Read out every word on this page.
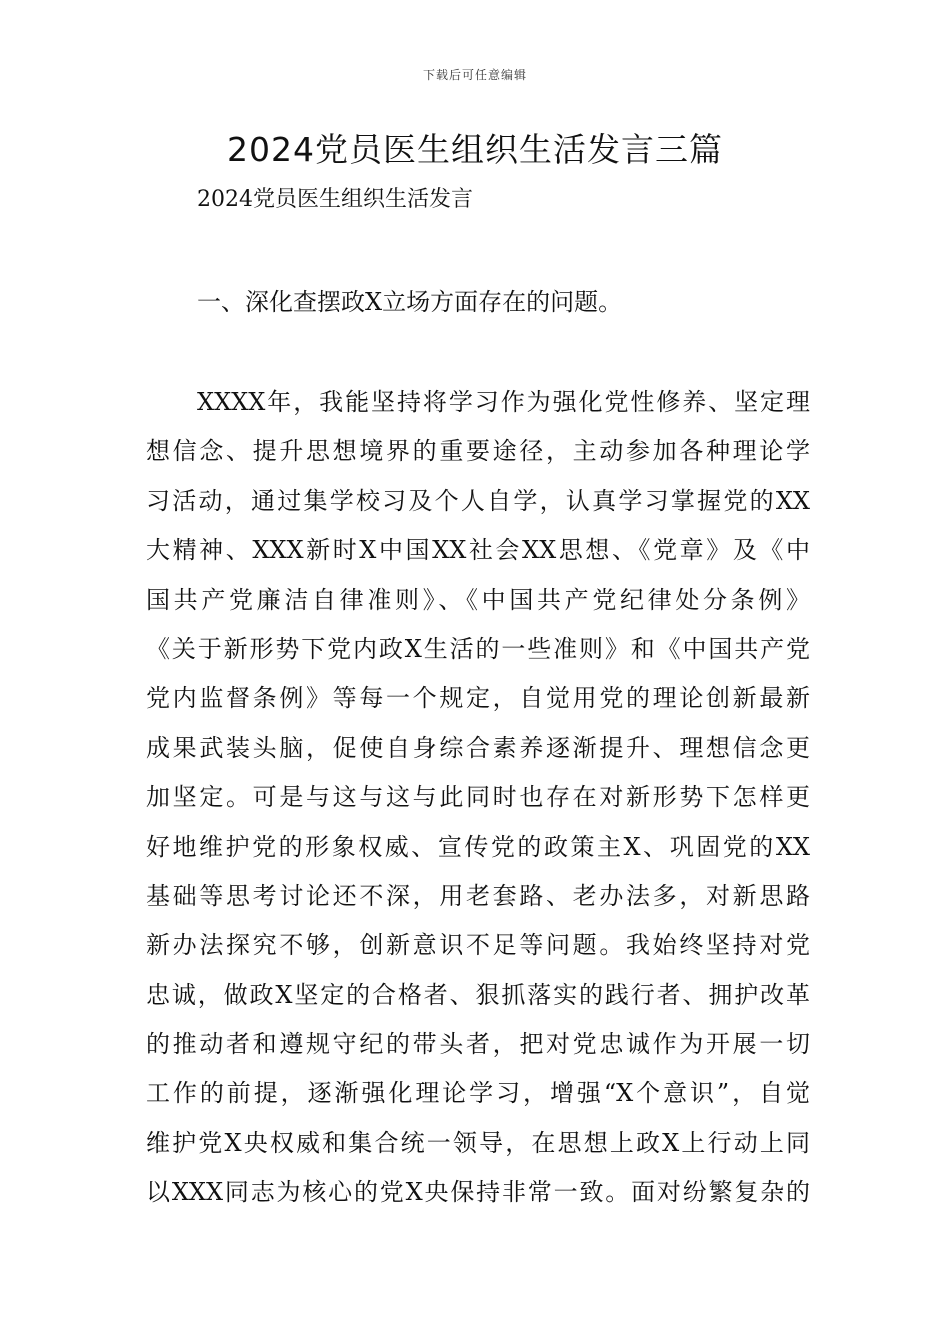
下载后可任意编辑
2024党员医生组织生活发言三篇
2024党员医生组织生活发言
一、深化查摆政X立场方面存在的问题。
XXXX年，我能坚持将学习作为强化党性修养、坚定理
想信念、提升思想境界的重要途径，主动参加各种理论学
习活动，通过集学校习及个人自学，认真学习掌握党的XX
大精神、XXX新时X中国XX社会XX思想、《党章》及《中
国共产党廉洁自律准则》、《中国共产党纪律处分条例》
《关于新形势下党内政X生活的一些准则》和《中国共产党
党内监督条例》等每一个规定，自觉用党的理论创新最新
成果武装头脑，促使自身综合素养逐渐提升、理想信念更
加坚定。可是与这与这与此同时也存在对新形势下怎样更
好地维护党的形象权威、宣传党的政策主X、巩固党的XX
基础等思考讨论还不深，用老套路、老办法多，对新思路
新办法探究不够，创新意识不足等问题。我始终坚持对党
忠诚，做政X坚定的合格者、狠抓落实的践行者、拥护改革
的推动者和遵规守纪的带头者，把对党忠诚作为开展一切
工作的前提，逐渐强化理论学习，增强“X个意识”，自觉
维护党X央权威和集合统一领导，在思想上政X上行动上同
以XXX同志为核心的党X央保持非常一致。面对纷繁复杂的
